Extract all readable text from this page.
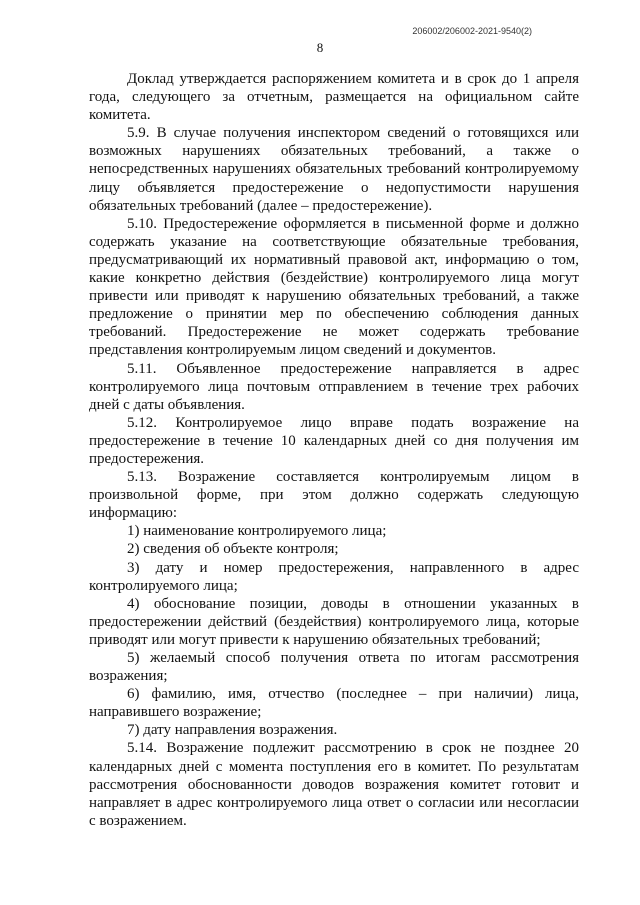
206002/206002-2021-9540(2)
8

Доклад утверждается распоряжением комитета и в срок до 1 апреля года, следующего за отчетным, размещается на официальном сайте комитета.

5.9. В случае получения инспектором сведений о готовящихся или возможных нарушениях обязательных требований, а также о непосредственных нарушениях обязательных требований контролируемому лицу объявляется предостережение о недопустимости нарушения обязательных требований (далее – предостережение).

5.10. Предостережение оформляется в письменной форме и должно содержать указание на соответствующие обязательные требования, предусматривающий их нормативный правовой акт, информацию о том, какие конкретно действия (бездействие) контролируемого лица могут привести или приводят к нарушению обязательных требований, а также предложение о принятии мер по обеспечению соблюдения данных требований. Предостережение не может содержать требование представления контролируемым лицом сведений и документов.

5.11. Объявленное предостережение направляется в адрес контролируемого лица почтовым отправлением в течение трех рабочих дней с даты объявления.

5.12. Контролируемое лицо вправе подать возражение на предостережение в течение 10 календарных дней со дня получения им предостережения.

5.13. Возражение составляется контролируемым лицом в произвольной форме, при этом должно содержать следующую информацию:

1) наименование контролируемого лица;

2) сведения об объекте контроля;

3) дату и номер предостережения, направленного в адрес контролируемого лица;

4) обоснование позиции, доводы в отношении указанных в предостережении действий (бездействия) контролируемого лица, которые приводят или могут привести к нарушению обязательных требований;

5) желаемый способ получения ответа по итогам рассмотрения возражения;

6) фамилию, имя, отчество (последнее – при наличии) лица, направившего возражение;

7) дату направления возражения.

5.14. Возражение подлежит рассмотрению в срок не позднее 20 календарных дней с момента поступления его в комитет. По результатам рассмотрения обоснованности доводов возражения комитет готовит и направляет в адрес контролируемого лица ответ о согласии или несогласии с возражением.
